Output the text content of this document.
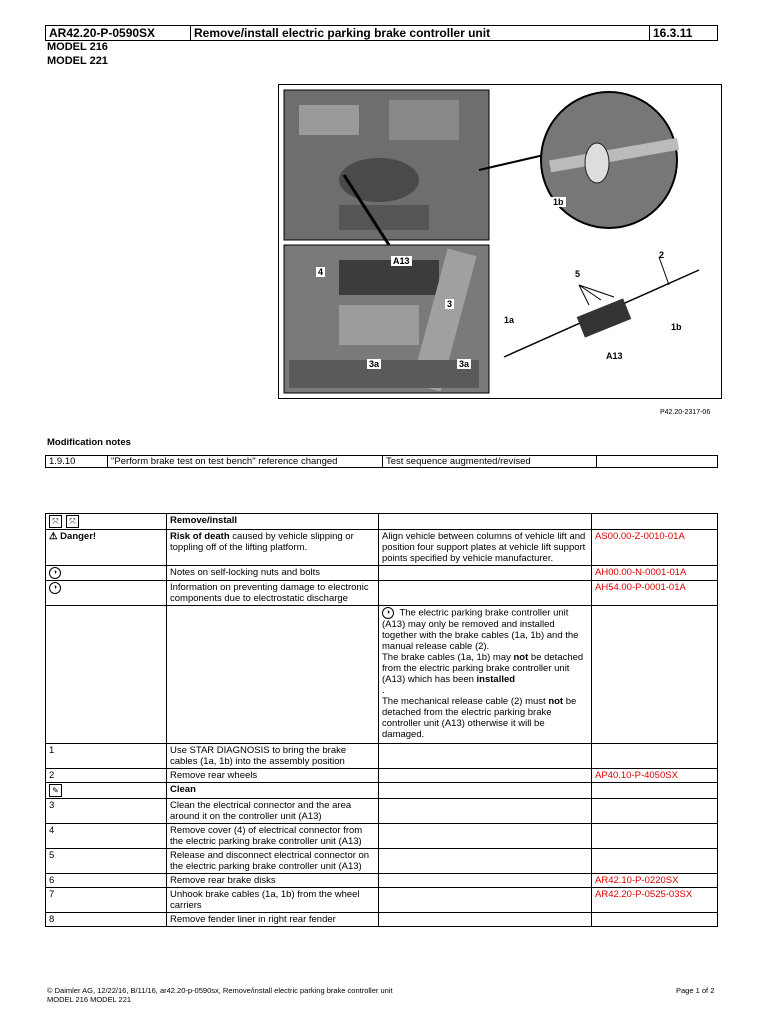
AR42.20-P-0590SX	Remove/install electric parking brake controller unit	16.3.11
MODEL 216
MODEL 221
A13
4
3
3a	3a
1b
2
5
1a
1b
A13
P42.20-2317-06
Modification notes
1.9.10	"Perform brake test on test bench" reference changed	Test sequence augmented/revised	
⤧ ⤧	Remove/install		
⚠ Danger!	Risk of death caused by vehicle slipping or toppling off of the lifting platform.	Align vehicle between columns of vehicle lift and position four support plates at vehicle lift support points specified by vehicle manufacturer.	AS00.00-Z-0010-01A
◑	Notes on self-locking nuts and bolts		AH00.00-N-0001-01A
◑	Information on preventing damage to electronic components due to electrostatic discharge		AH54.00-P-0001-01A
		◑ The electric parking brake controller unit (A13) may only be removed and installed together with the brake cables (1a, 1b) and the manual release cable (2).
The brake cables (1a, 1b) may not be detached from the electric parking brake controller unit (A13) which has been installed
.
The mechanical release cable (2) must not be detached from the electric parking brake controller unit (A13) otherwise it will be damaged.	
1	Use STAR DIAGNOSIS to bring the brake cables (1a, 1b) into the assembly position		
2	Remove rear wheels		AP40.10-P-4050SX
✎	Clean		
3	Clean the electrical connector and the area around it on the controller unit (A13)		
4	Remove cover (4) of electrical connector from the electric parking brake controller unit (A13)		
5	Release and disconnect electrical connector on the electric parking brake controller unit (A13)		
6	Remove rear brake disks		AR42.10-P-0220SX
7	Unhook brake cables (1a, 1b) from the wheel carriers		AR42.20-P-0525-03SX
8	Remove fender liner in right rear fender		
© Daimler AG, 12/22/16, B/11/16, ar42.20-p-0590sx, Remove/install electric parking brake controller unit
MODEL 216 MODEL 221
Page 1 of 2
